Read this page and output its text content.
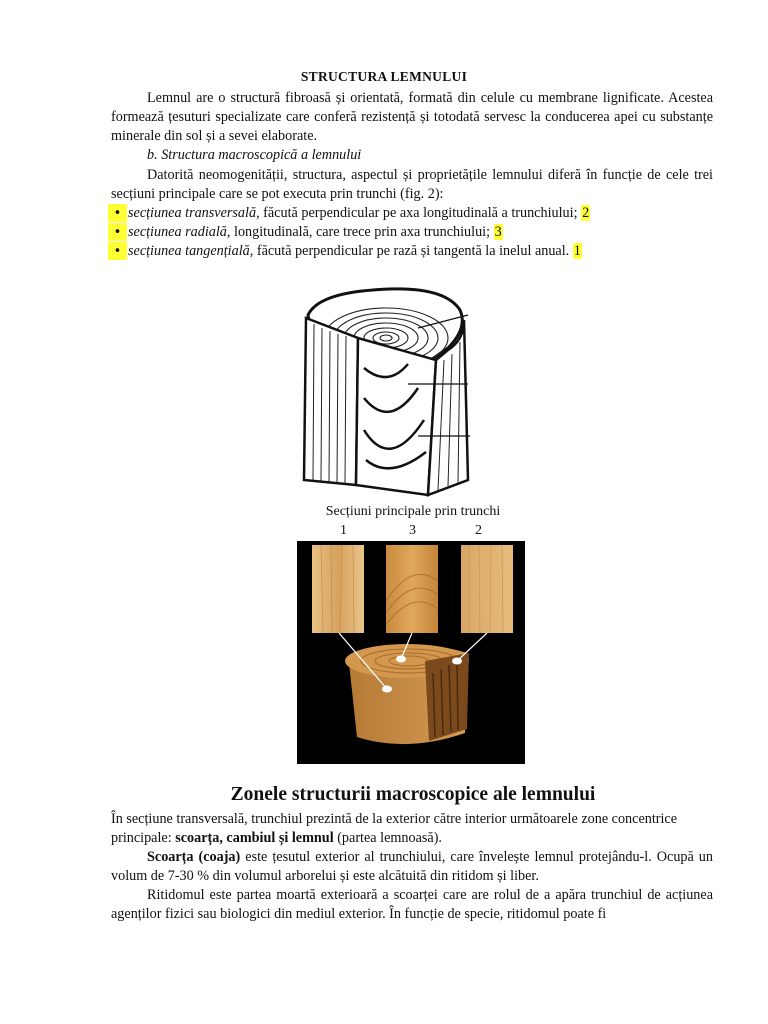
STRUCTURA LEMNULUI
Lemnul are o structură fibroasă și orientată, formată din celule cu membrane lignificate. Acestea formează țesuturi specializate care conferă rezistență și totodată servesc la conducerea apei cu substanțe minerale din sol și a sevei elaborate.
b. Structura macroscopică a lemnului
Datorită neomogenității, structura, aspectul și proprietățile lemnului diferă în funcție de cele trei secțiuni principale care se pot executa prin trunchi (fig. 2):
•
secțiunea transversală, făcută perpendicular pe axa longitudinală a trunchiului; 2
•
secțiunea radială, longitudinală, care trece prin axa trunchiului; 3
•
secțiunea tangențială, făcută perpendicular pe rază și tangentă la inelul anual. 1
Secțiuni principale prin trunchi
1	3	2
Zonele structurii macroscopice ale lemnului
În secțiune transversală, trunchiul prezintă de la exterior către interior următoarele zone concentrice principale: scoarța, cambiul și lemnul (partea lemnoasă).
Scoarța (coaja) este țesutul exterior al trunchiului, care învelește lemnul protejându-l. Ocupă un volum de 7-30 % din volumul arborelui și este alcătuită din ritidom și liber.
Ritidomul este partea moartă exterioară a scoarței care are rolul de a apăra trunchiul de acțiunea agenților fizici sau biologici din mediul exterior. În funcție de specie, ritidomul poate fi
